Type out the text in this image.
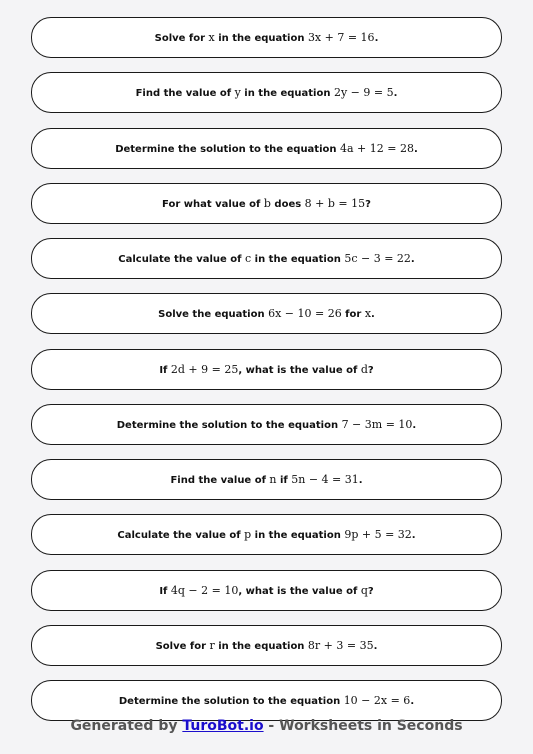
Solve for x in the equation 3x + 7 = 16.
Find the value of y in the equation 2y − 9 = 5.
Determine the solution to the equation 4a + 12 = 28.
For what value of b does 8 + b = 15?
Calculate the value of c in the equation 5c − 3 = 22.
Solve the equation 6x − 10 = 26 for x.
If 2d + 9 = 25, what is the value of d?
Determine the solution to the equation 7 − 3m = 10.
Find the value of n if 5n − 4 = 31.
Calculate the value of p in the equation 9p + 5 = 32.
If 4q − 2 = 10, what is the value of q?
Solve for r in the equation 8r + 3 = 35.
Determine the solution to the equation 10 − 2x = 6.
Generated by TuroBot.io - Worksheets in Seconds
